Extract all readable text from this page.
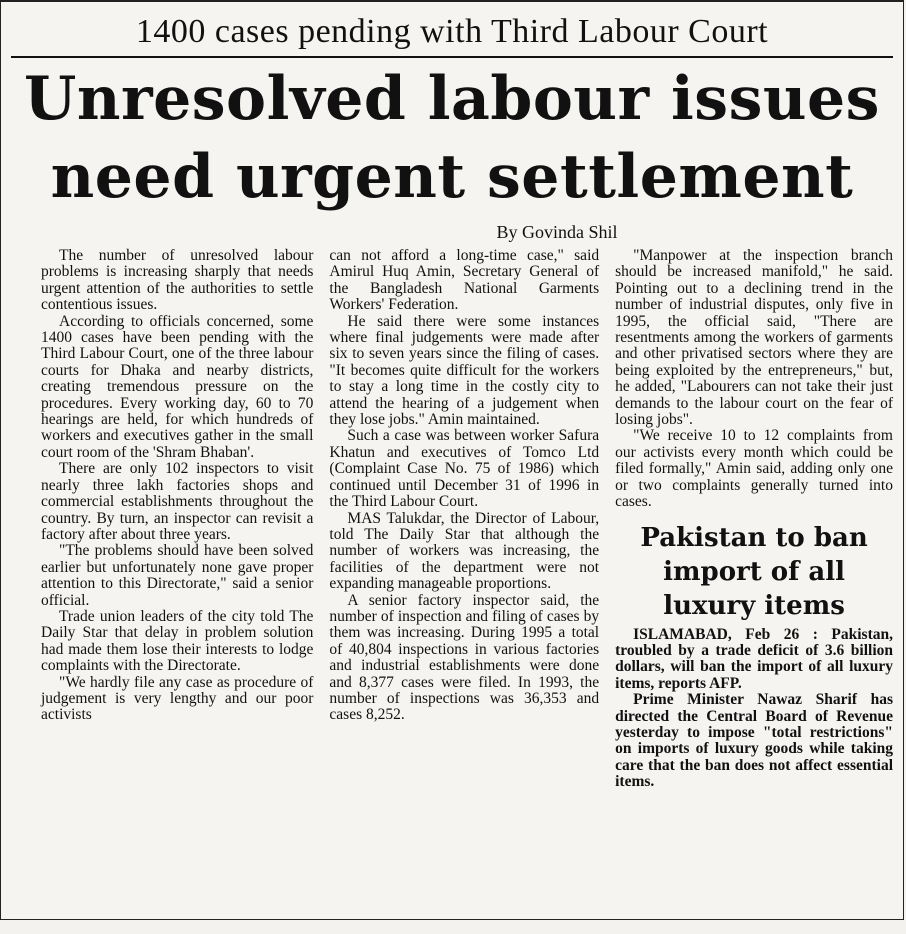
1400 cases pending with Third Labour Court
Unresolved labour issues
need urgent settlement
By Govinda Shil

The number of unresolved labour problems is increasing sharply that needs urgent attention of the authorities to settle contentious issues.

According to officials concerned, some 1400 cases have been pending with the Third Labour Court, one of the three labour courts for Dhaka and nearby districts, creating tremendous pressure on the procedures. Every working day, 60 to 70 hearings are held, for which hundreds of workers and executives gather in the small court room of the 'Shram Bhaban'.

There are only 102 inspectors to visit nearly three lakh factories shops and commercial establishments throughout the country. By turn, an inspector can revisit a factory after about three years.

"The problems should have been solved earlier but unfortunately none gave proper attention to this Directorate," said a senior official.

Trade union leaders of the city told The Daily Star that delay in problem solution had made them lose their interests to lodge complaints with the Directorate.

"We hardly file any case as procedure of judgement is very lengthy and our poor activists

can not afford a long-time case," said Amirul Huq Amin, Secretary General of the Bangladesh National Garments Workers' Federation.

He said there were some instances where final judgements were made after six to seven years since the filing of cases. "It becomes quite difficult for the workers to stay a long time in the costly city to attend the hearing of a judgement when they lose jobs." Amin maintained.

Such a case was between worker Safura Khatun and executives of Tomco Ltd (Complaint Case No. 75 of 1986) which continued until December 31 of 1996 in the Third Labour Court.

MAS Talukdar, the Director of Labour, told The Daily Star that although the number of workers was increasing, the facilities of the department were not expanding manageable proportions.

A senior factory inspector said, the number of inspection and filing of cases by them was increasing. During 1995 a total of 40,804 inspections in various factories and industrial establishments were done and 8,377 cases were filed. In 1993, the number of inspections was 36,353 and cases 8,252.

"Manpower at the inspection branch should be increased manifold," he said. Pointing out to a declining trend in the number of industrial disputes, only five in 1995, the official said, "There are resentments among the workers of garments and other privatised sectors where they are being exploited by the entrepreneurs," but, he added, "Labourers can not take their just demands to the labour court on the fear of losing jobs".

"We receive 10 to 12 complaints from our activists every month which could be filed formally," Amin said, adding only one or two complaints generally turned into cases.

Pakistan to ban import of all luxury items

ISLAMABAD, Feb 26 : Pakistan, troubled by a trade deficit of 3.6 billion dollars, will ban the import of all luxury items, reports AFP.

Prime Minister Nawaz Sharif has directed the Central Board of Revenue yesterday to impose "total restrictions" on imports of luxury goods while taking care that the ban does not affect essential items.
